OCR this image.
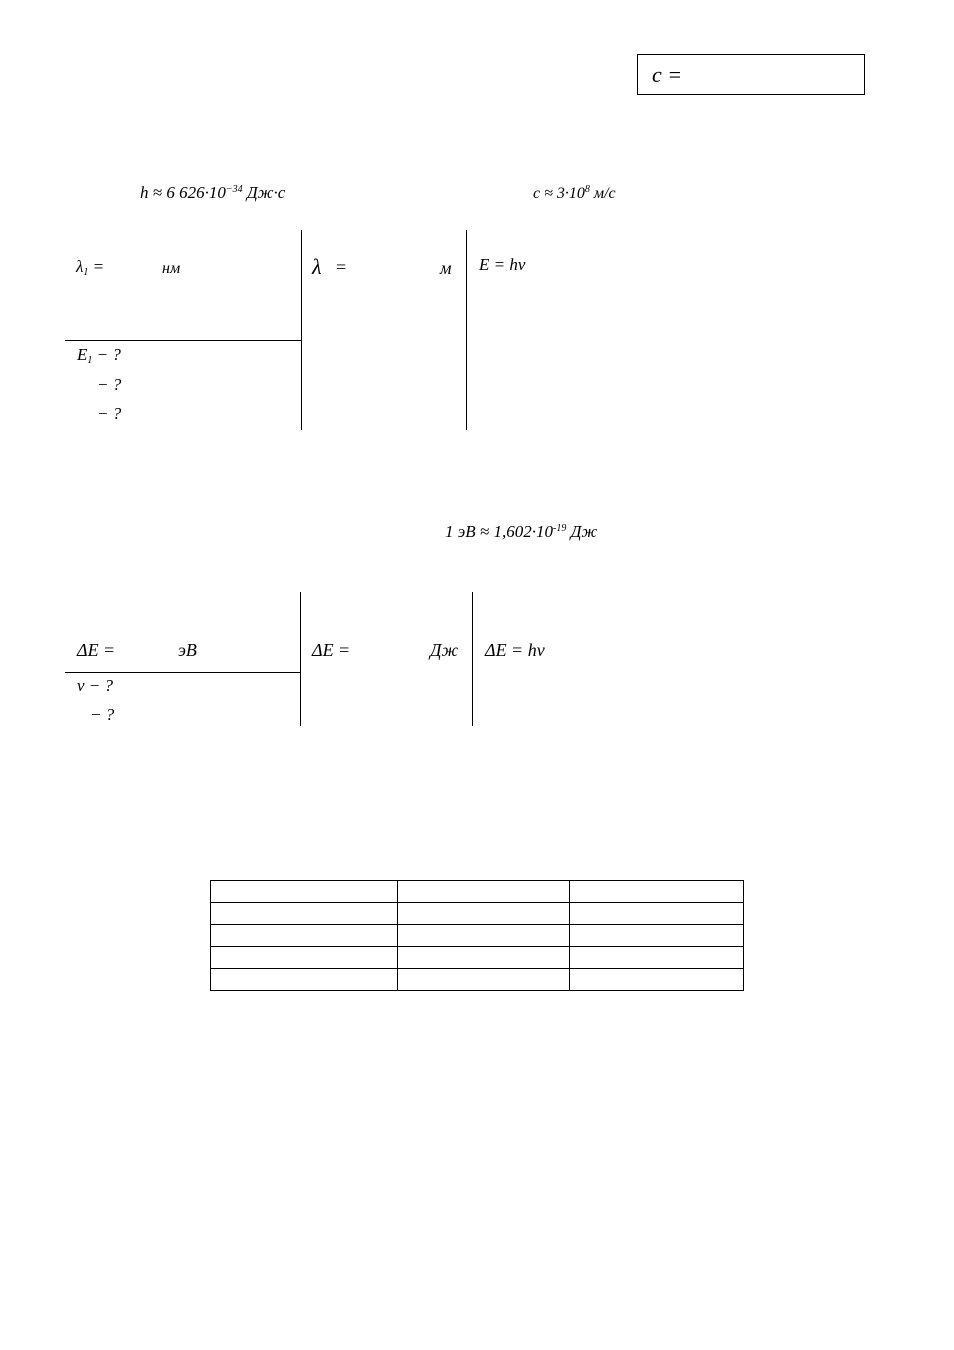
c =
h ≈ 6 $626\cdot 10^{-34}$ Дж·с	$c \approx 3\cdot 10^8$ м/с
$\lambda_1$ =	нм	λ =	м E = hν
$E_1$ − ?
− ?
− ?
1 эВ ≈ $1,602\cdot 10^{-19}$ Дж
ΔE =	эВ	ΔE =	Дж ΔE = hν
ν − ?
− ?
